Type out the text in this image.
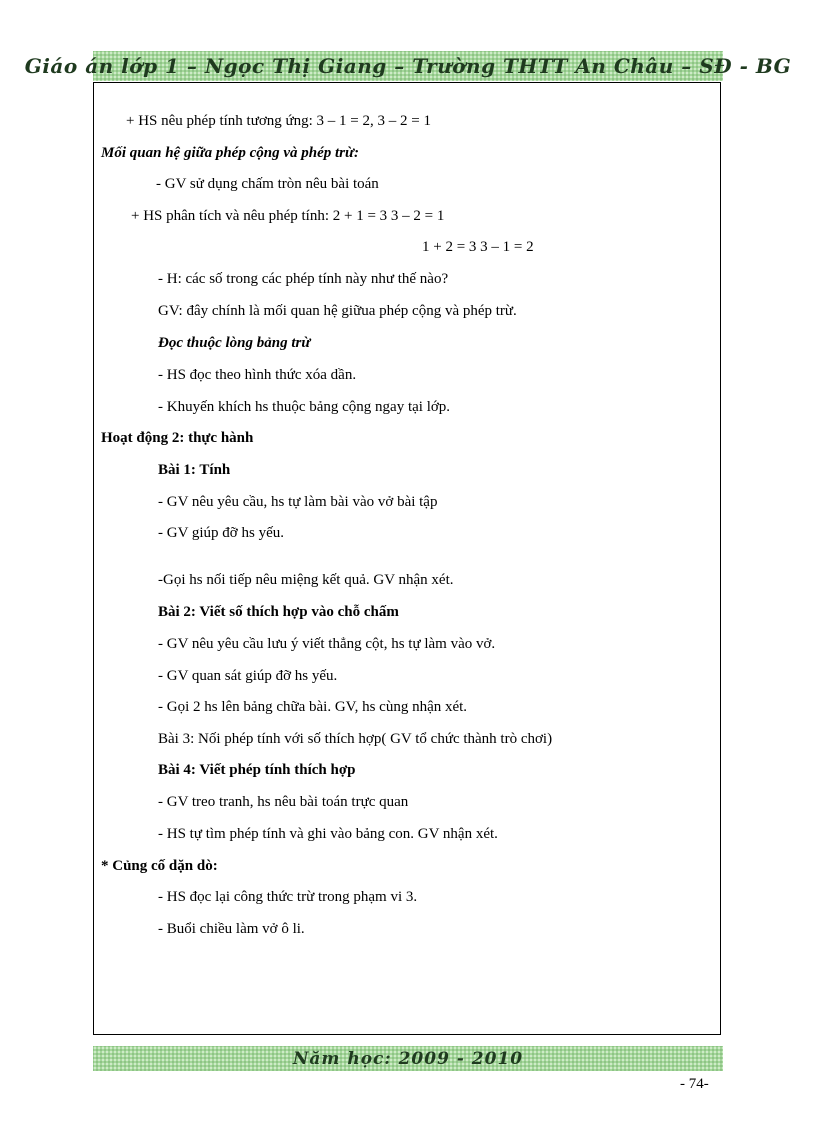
Giáo án lớp 1 – Ngọc Thị Giang – Trường THTT An Châu – SĐ - BG
+ HS nêu phép tính tương ứng: 3 – 1 = 2, 3 – 2 = 1
Mối quan hệ giữa phép cộng và phép trừ:
- GV sử dụng chấm tròn nêu bài toán
+ HS phân tích và nêu phép tính: 2 + 1 = 3 3 – 2 = 1
1 + 2 = 3 3 – 1 = 2
- H: các số trong các phép tính này như thế nào?
GV: đây chính là mối quan hệ giữua phép cộng và phép trừ.
Đọc thuộc lòng bảng trừ
- HS đọc theo hình thức xóa dần.
- Khuyến khích hs thuộc bảng cộng ngay tại lớp.
Hoạt động 2: thực hành
Bài 1: Tính
- GV nêu yêu cầu, hs tự làm bài vào vở bài tập
- GV giúp đỡ hs yếu.
-Gọi hs nối tiếp nêu miệng kết quả. GV nhận xét.
Bài 2: Viết số thích hợp vào chỗ chấm
- GV nêu yêu cầu lưu ý viết thẳng cột, hs tự làm vào vở.
- GV quan sát giúp đỡ hs yếu.
- Gọi 2 hs lên bảng chữa bài. GV, hs cùng nhận xét.
Bài 3: Nối phép tính với số thích hợp( GV tổ chức thành trò chơi)
Bài 4: Viết phép tính thích hợp
- GV treo tranh, hs nêu bài toán trực quan
- HS tự tìm phép tính và ghi vào bảng con. GV nhận xét.
* Củng cố dặn dò:
- HS đọc lại công thức trừ trong phạm vi 3.
- Buổi chiều làm vở ô li.
Năm học: 2009 - 2010
- 74-
